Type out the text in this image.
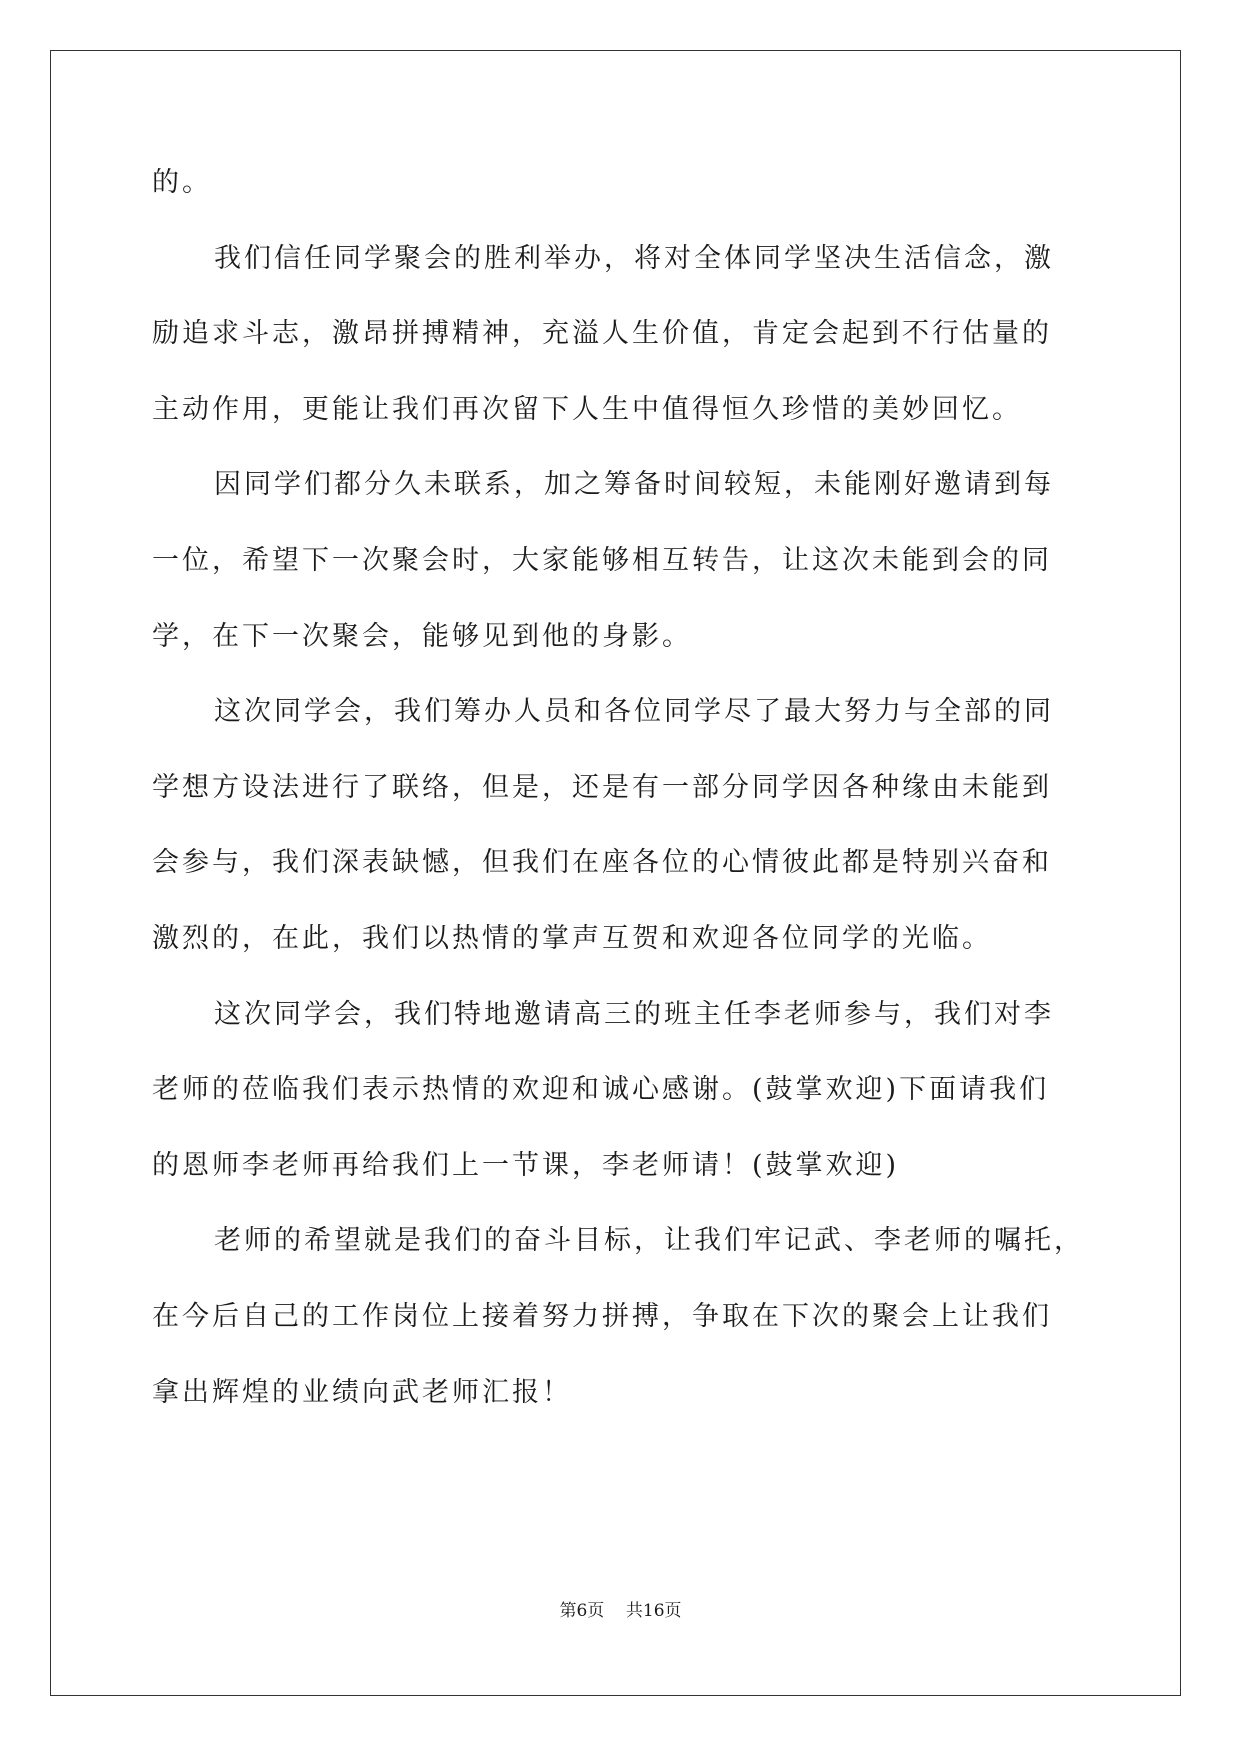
的。
我们信任同学聚会的胜利举办，将对全体同学坚决生活信念，激
励追求斗志，激昂拼搏精神，充溢人生价值，肯定会起到不行估量的
主动作用，更能让我们再次留下人生中值得恒久珍惜的美妙回忆。
因同学们都分久未联系，加之筹备时间较短，未能刚好邀请到每
一位，希望下一次聚会时，大家能够相互转告，让这次未能到会的同
学，在下一次聚会，能够见到他的身影。
这次同学会，我们筹办人员和各位同学尽了最大努力与全部的同
学想方设法进行了联络，但是，还是有一部分同学因各种缘由未能到
会参与，我们深表缺憾，但我们在座各位的心情彼此都是特别兴奋和
激烈的，在此，我们以热情的掌声互贺和欢迎各位同学的光临。
这次同学会，我们特地邀请高三的班主任李老师参与，我们对李
老师的莅临我们表示热情的欢迎和诚心感谢。(鼓掌欢迎)下面请我们
的恩师李老师再给我们上一节课，李老师请！(鼓掌欢迎)
老师的希望就是我们的奋斗目标，让我们牢记武、李老师的嘱托，
在今后自己的工作岗位上接着努力拼搏，争取在下次的聚会上让我们
拿出辉煌的业绩向武老师汇报！
第6页 共16页
